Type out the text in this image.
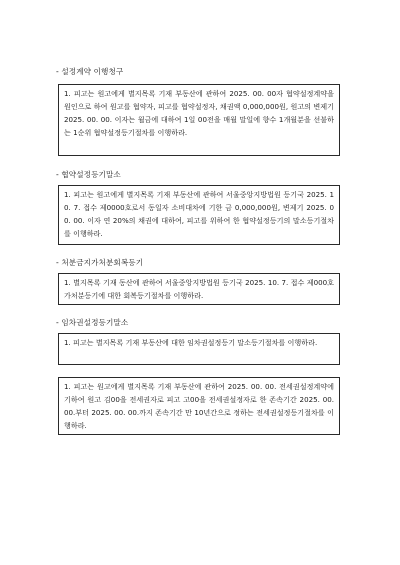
- 설정계약 이행청구

1. 피고는 원고에게 별지목록 기재 부동산에 관하여 2025. 00. 00자 협약설정계약을 원인으로 하여 원고를 협약자, 피고를 협약설정자, 채권액 0,000,000원, 원고의 변제기 2025. 00. 00. 이자는 월금에 대하여 1일 00전을 매월 말일에 향수 1개월분을 선불하는 1순위 협약설정등기절차를 이행하라.

- 협약설정등기말소

1. 피고는 원고에게 별지목록 기재 부동산에 관하여 서울중앙지방법원 등기국 2025. 10. 7. 접수 제0000호로서 동일자 소비대차에 기한 금 0,000,000원, 변제기 2025. 00. 00. 이자 연 20%의 채권에 대하여, 피고를 위하여 한 협약설정등기의 말소등기절차를 이행하라.

- 처분금지가처분회복등기

1. 별지목록 기재 동산에 관하여 서울중앙지방법원 등기국 2025. 10. 7. 접수 제000호 가처분등기에 대한 회복등기절차를 이행하라.

- 임차권설정등기말소

1. 피고는 별지목록 기재 부동산에 대한 임차권설정등기 말소등기절차를 이행하라.

1. 피고는 원고에게 별지목록 기재 부동산에 관하여 2025. 00. 00. 전세권설정계약에 기하여 원고 김00을 전세권자로 피고 고00을 전세권설정자로 한 존속기간 2025. 00. 00.부터 2025. 00. 00.까지 존속기간 만 10년간으로 정하는 전세권설정등기절차를 이행하라.
